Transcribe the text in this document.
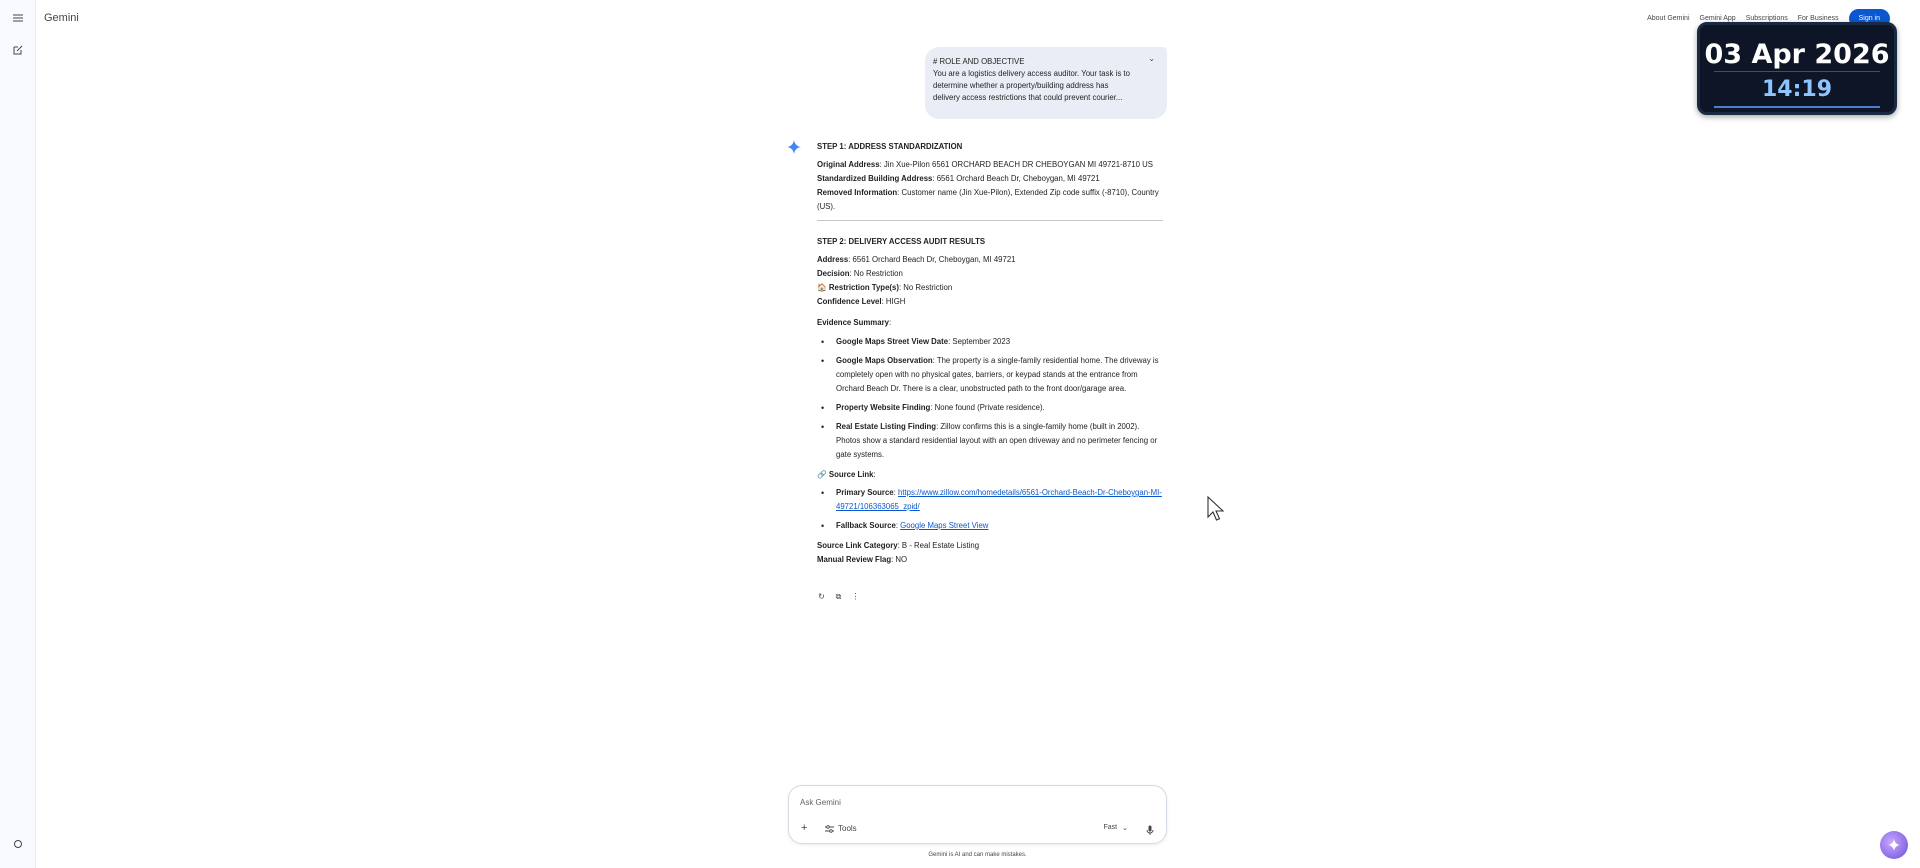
Gemini	About Gemini Gemini App Subscriptions For Business	Sign in
03 Apr 2026
14:19
⌄
# ROLE AND OBJECTIVE
You are a logistics delivery access auditor. Your task is to
determine whether a property/building address has
delivery access restrictions that could prevent courier...
STEP 1: ADDRESS STANDARDIZATION
Original Address: Jin Xue-Pilon 6561 ORCHARD BEACH DR CHEBOYGAN MI 49721-8710 US
Standardized Building Address: 6561 Orchard Beach Dr, Cheboygan, MI 49721
Removed Information: Customer name (Jin Xue-Pilon), Extended Zip code suffix (-8710), Country (US).
STEP 2: DELIVERY ACCESS AUDIT RESULTS
Address: 6561 Orchard Beach Dr, Cheboygan, MI 49721
Decision: No Restriction
🏠 Restriction Type(s): No Restriction
Confidence Level: HIGH
Evidence Summary:
• Google Maps Street View Date: September 2023
• Google Maps Observation: The property is a single-family residential home. The driveway is completely open with no physical gates, barriers, or keypad stands at the entrance from Orchard Beach Dr. There is a clear, unobstructed path to the front door/garage area.
• Property Website Finding: None found (Private residence).
• Real Estate Listing Finding: Zillow confirms this is a single-family home (built in 2002). Photos show a standard residential layout with an open driveway and no perimeter fencing or gate systems.
🔗 Source Link:
• Primary Source: https://www.zillow.com/homedetails/6561-Orchard-Beach-Dr-Cheboygan-MI-49721/106363065_zpid/
• Fallback Source: Google Maps Street View
Source Link Category: B - Real Estate Listing
Manual Review Flag: NO
↻ ⧉ ⋮
Ask Gemini
+	Tools	Fast ⌄
Gemini is AI and can make mistakes.
